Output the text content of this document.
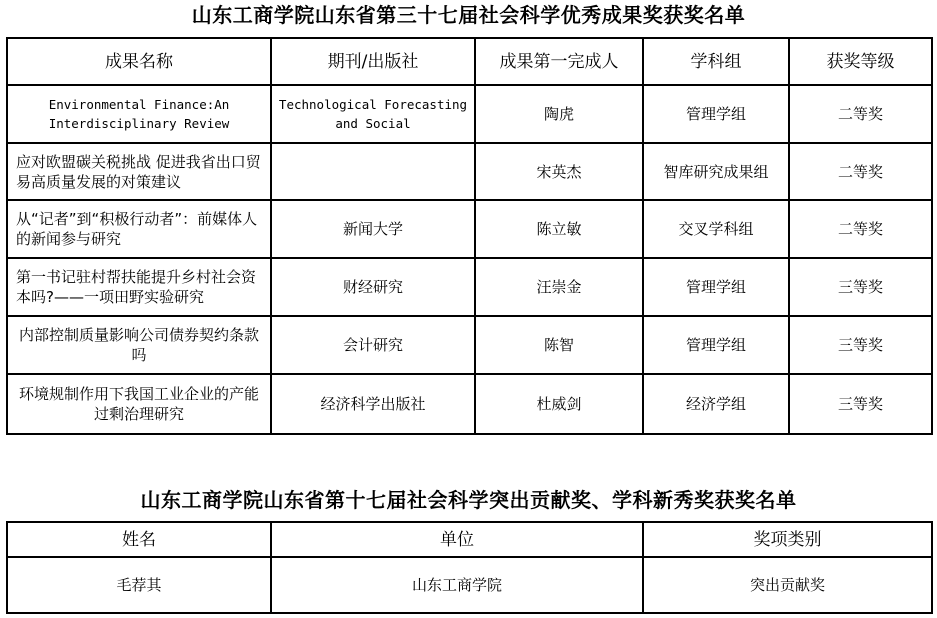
山东工商学院山东省第三十七届社会科学优秀成果奖获奖名单
成果名称	期刊/出版社	成果第一完成人	学科组	获奖等级
Environmental Finance:An Interdisciplinary Review	Technological Forecasting and Social	陶虎	管理学组	二等奖
应对欧盟碳关税挑战 促进我省出口贸易高质量发展的对策建议		宋英杰	智库研究成果组	二等奖
从“记者”到“积极行动者”：前媒体人的新闻参与研究	新闻大学	陈立敏	交叉学科组	二等奖
第一书记驻村帮扶能提升乡村社会资本吗?——一项田野实验研究	财经研究	汪崇金	管理学组	三等奖
内部控制质量影响公司债券契约条款吗	会计研究	陈智	管理学组	三等奖
环境规制作用下我国工业企业的产能过剩治理研究	经济科学出版社	杜威剑	经济学组	三等奖
山东工商学院山东省第十七届社会科学突出贡献奖、学科新秀奖获奖名单
姓名	单位	奖项类别
毛荐其	山东工商学院	突出贡献奖
